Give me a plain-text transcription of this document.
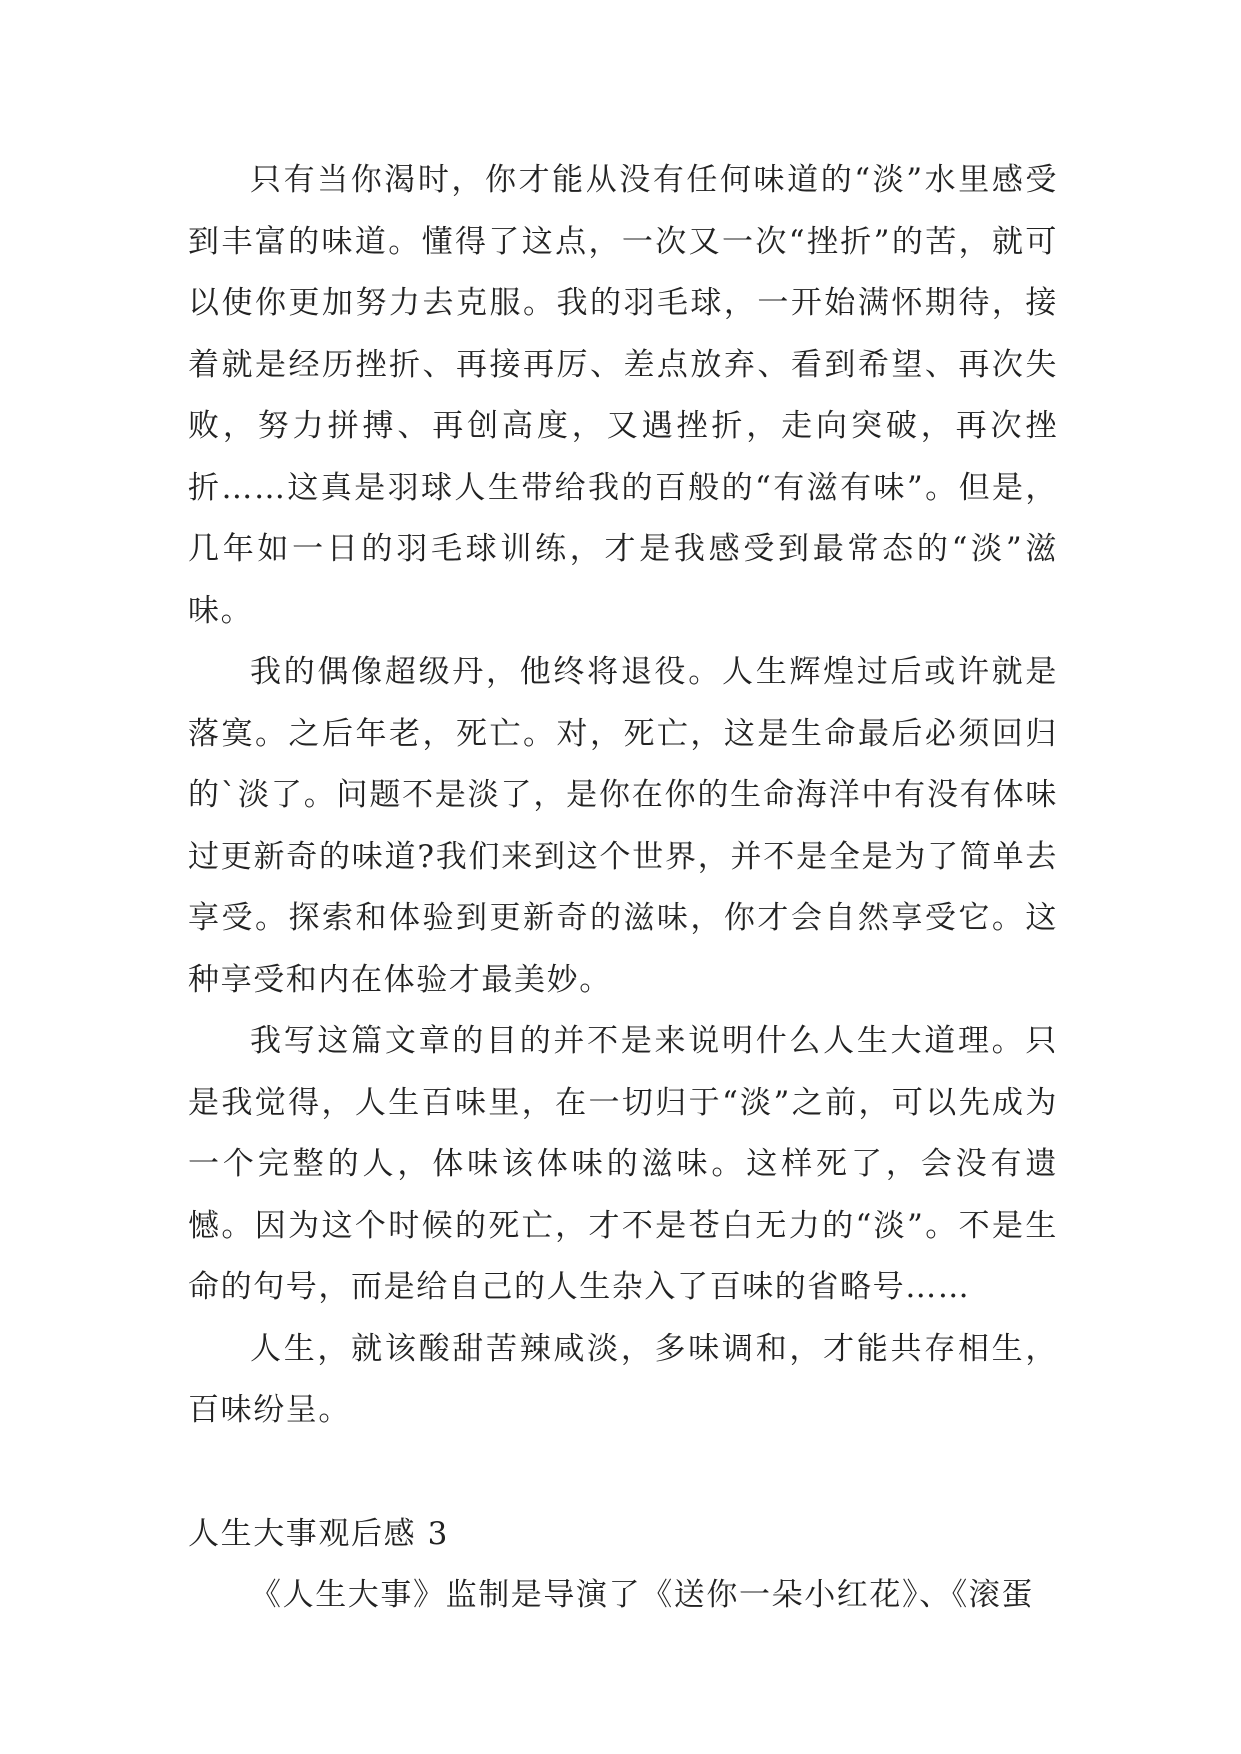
只有当你渴时，你才能从没有任何味道的“淡”水里感受到丰富的味道。懂得了这点，一次又一次“挫折”的苦，就可以使你更加努力去克服。我的羽毛球，一开始满怀期待，接着就是经历挫折、再接再厉、差点放弃、看到希望、再次失败，努力拼搏、再创高度，又遇挫折，走向突破，再次挫折……这真是羽球人生带给我的百般的“有滋有味”。但是，几年如一日的羽毛球训练，才是我感受到最常态的“淡”滋味。

我的偶像超级丹，他终将退役。人生辉煌过后或许就是落寞。之后年老，死亡。对，死亡，这是生命最后必须回归的`淡了。问题不是淡了，是你在你的生命海洋中有没有体味过更新奇的味道?我们来到这个世界，并不是全是为了简单去享受。探索和体验到更新奇的滋味，你才会自然享受它。这种享受和内在体验才最美妙。

我写这篇文章的目的并不是来说明什么人生大道理。只是我觉得，人生百味里，在一切归于“淡”之前，可以先成为一个完整的人，体味该体味的滋味。这样死了，会没有遗憾。因为这个时候的死亡，才不是苍白无力的“淡”。不是生命的句号，而是给自己的人生杂入了百味的省略号……

人生，就该酸甜苦辣咸淡，多味调和，才能共存相生，百味纷呈。

人生大事观后感 3

《人生大事》监制是导演了《送你一朵小红花》、《滚蛋
